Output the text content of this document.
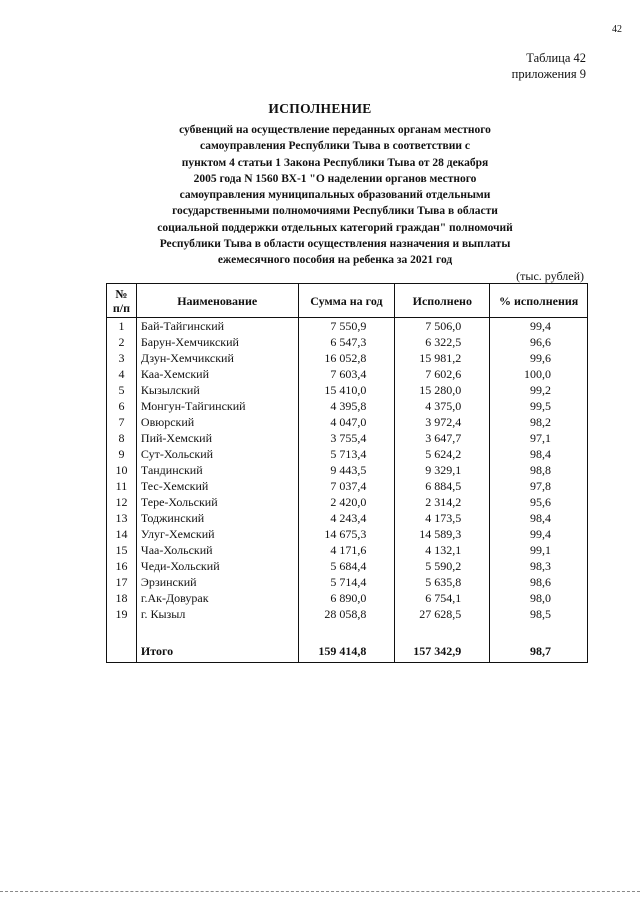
42
Таблица 42
приложения 9
ИСПОЛНЕНИЕ
субвенций на осуществление переданных органам местного
самоуправления Республики Тыва в соответствии с
пунктом 4 статьи 1 Закона Республики Тыва от 28 декабря
2005 года N 1560 ВХ-1 "О наделении органов местного
самоуправления муниципальных образований отдельными
государственными полномочиями Республики Тыва в области
социальной поддержки отдельных категорий граждан" полномочий
Республики Тыва в области осуществления назначения и выплаты
ежемесячного пособия на ребенка за 2021 год
(тыс. рублей)
№
п/п	Наименование	Сумма на год	Исполнено	% исполнения
1	Бай-Тайгинский	7 550,9	7 506,0	99,4
2	Барун-Хемчикский	6 547,3	6 322,5	96,6
3	Дзун-Хемчикский	16 052,8	15 981,2	99,6
4	Каа-Хемский	7 603,4	7 602,6	100,0
5	Кызылский	15 410,0	15 280,0	99,2
6	Монгун-Тайгинский	4 395,8	4 375,0	99,5
7	Овюрский	4 047,0	3 972,4	98,2
8	Пий-Хемский	3 755,4	3 647,7	97,1
9	Сут-Хольский	5 713,4	5 624,2	98,4
10	Тандинский	9 443,5	9 329,1	98,8
11	Тес-Хемский	7 037,4	6 884,5	97,8
12	Тере-Хольский	2 420,0	2 314,2	95,6
13	Тоджинский	4 243,4	4 173,5	98,4
14	Улуг-Хемский	14 675,3	14 589,3	99,4
15	Чаа-Хольский	4 171,6	4 132,1	99,1
16	Чеди-Хольский	5 684,4	5 590,2	98,3
17	Эрзинский	5 714,4	5 635,8	98,6
18	г.Ак-Довурак	6 890,0	6 754,1	98,0
19	г. Кызыл	28 058,8	27 628,5	98,5

	Итого	159 414,8	157 342,9	98,7
